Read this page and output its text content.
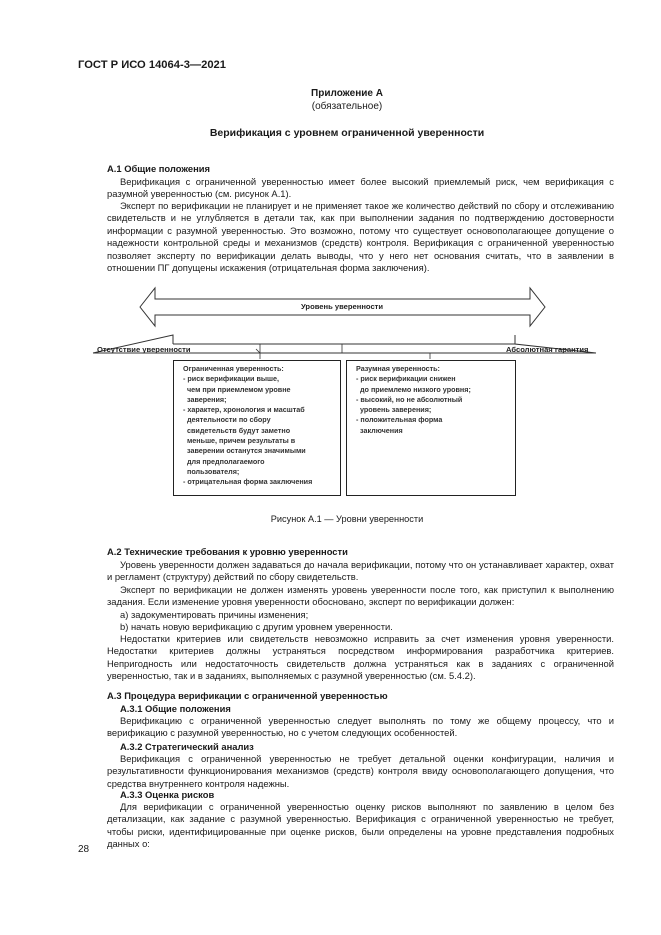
ГОСТ Р ИСО 14064-3—2021
Приложение А
(обязательное)
Верификация с уровнем ограниченной уверенности
А.1 Общие положения
Верификация с ограниченной уверенностью имеет более высокий приемлемый риск, чем верификация с разумной уверенностью (см. рисунок А.1).
Эксперт по верификации не планирует и не применяет такое же количество действий по сбору и отслеживанию свидетельств и не углубляется в детали так, как при выполнении задания по подтверждению достоверности информации с разумной уверенностью. Это возможно, потому что существует основополагающее допущение о надежности контрольной среды и механизмов (средств) контроля. Верификация с ограниченной уверенностью позволяет эксперту по верификации делать выводы, что у него нет основания считать, что в заявлении в отношении ПГ допущены искажения (отрицательная форма заключения).
Уровень уверенности
Отсутствие уверенности	Абсолютная гарантия
Ограниченная уверенность:
- риск верификации выше,
чем при приемлемом уровне
заверения;
- характер, хронология и масштаб
деятельности по сбору
свидетельств будут заметно
меньше, причем результаты в
заверении останутся значимыми
для предполагаемого
пользователя;
- отрицательная форма заключения
Разумная уверенность:
- риск верификации снижен
до приемлемо низкого уровня;
- высокий, но не абсолютный
уровень заверения;
- положительная форма
заключения
Рисунок А.1 — Уровни уверенности
А.2 Технические требования к уровню уверенности
Уровень уверенности должен задаваться до начала верификации, потому что он устанавливает характер, охват и регламент (структуру) действий по сбору свидетельств.
Эксперт по верификации не должен изменять уровень уверенности после того, как приступил к выполнению задания. Если изменение уровня уверенности обосновано, эксперт по верификации должен:
а) задокументировать причины изменения;
b) начать новую верификацию с другим уровнем уверенности.
Недостатки критериев или свидетельств невозможно исправить за счет изменения уровня уверенности. Недостатки критериев должны устраняться посредством информирования разработчика критериев. Непригодность или недостаточность свидетельств должна устраняться как в заданиях с ограниченной уверенностью, так и в заданиях, выполняемых с разумной уверенностью (см. 5.4.2).
А.3 Процедура верификации с ограниченной уверенностью
А.3.1 Общие положения
Верификацию с ограниченной уверенностью следует выполнять по тому же общему процессу, что и верификацию с разумной уверенностью, но с учетом следующих особенностей.
А.3.2 Стратегический анализ
Верификация с ограниченной уверенностью не требует детальной оценки конфигурации, наличия и результативности функционирования механизмов (средств) контроля ввиду основополагающего допущения, что средства внутреннего контроля надежны.
А.3.3 Оценка рисков
Для верификации с ограниченной уверенностью оценку рисков выполняют по заявлению в целом без детализации, как задание с разумной уверенностью. Верификация с ограниченной уверенностью не требует, чтобы риски, идентифицированные при оценке рисков, были определены на уровне представления подробных данных о:
28
